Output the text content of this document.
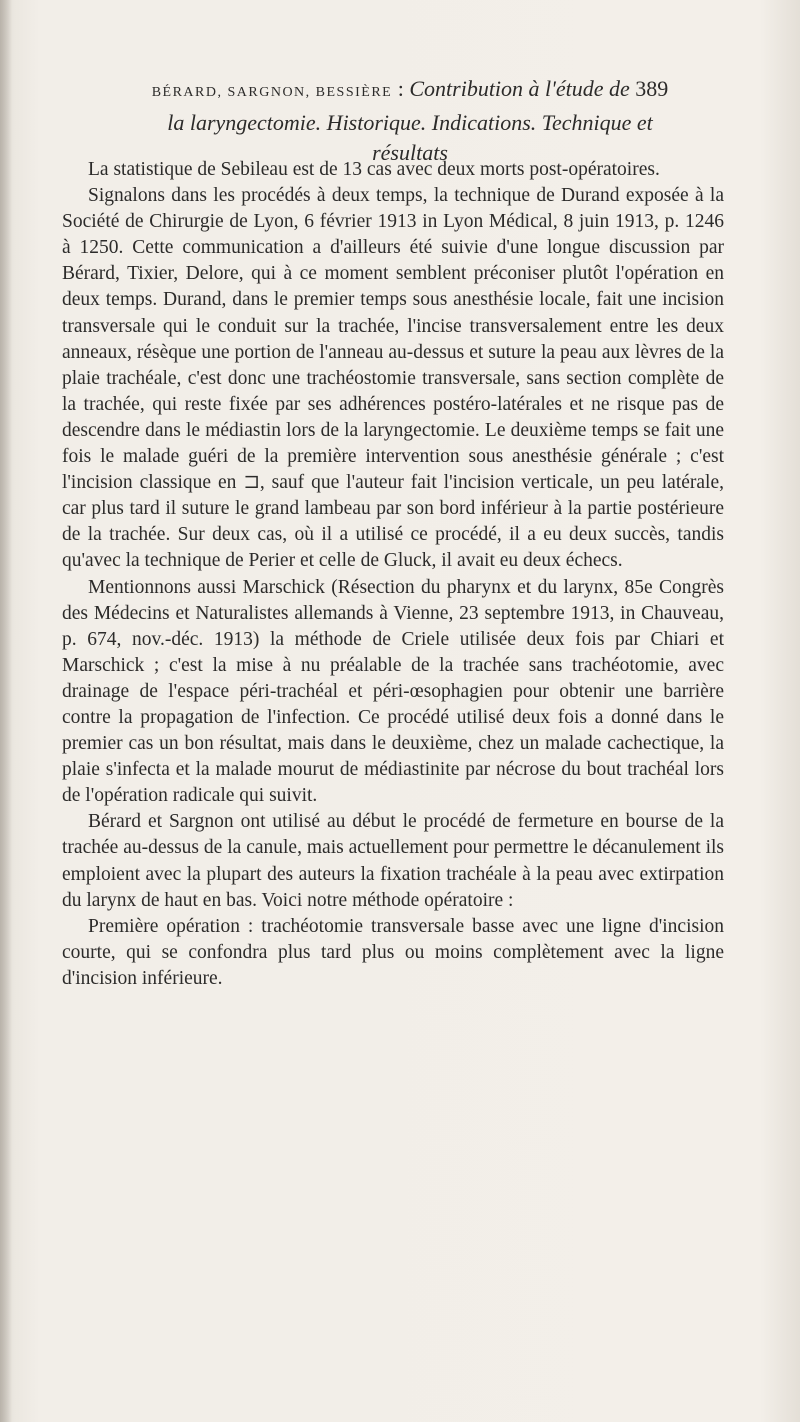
BÉRARD, SARGNON, BESSIÈRE : Contribution à l'étude de 389
la laryngectomie. Historique. Indications. Technique et
résultats

La statistique de Sebileau est de 13 cas avec deux morts post-opératoires.

Signalons dans les procédés à deux temps, la technique de Durand exposée à la Société de Chirurgie de Lyon, 6 février 1913 in Lyon Médical, 8 juin 1913, p. 1246 à 1250. Cette communication a d'ailleurs été suivie d'une longue discussion par Bérard, Tixier, Delore, qui à ce moment semblent préconiser plutôt l'opération en deux temps. Durand, dans le premier temps sous anesthésie locale, fait une incision transversale qui le conduit sur la trachée, l'incise transversalement entre les deux anneaux, résèque une portion de l'anneau au-dessus et suture la peau aux lèvres de la plaie trachéale, c'est donc une trachéostomie transversale, sans section complète de la trachée, qui reste fixée par ses adhérences postéro-latérales et ne risque pas de descendre dans le médiastin lors de la laryngectomie. Le deuxième temps se fait une fois le malade guéri de la première intervention sous anesthésie générale ; c'est l'incision classique en ⊐, sauf que l'auteur fait l'incision verticale, un peu latérale, car plus tard il suture le grand lambeau par son bord inférieur à la partie postérieure de la trachée. Sur deux cas, où il a utilisé ce procédé, il a eu deux succès, tandis qu'avec la technique de Perier et celle de Gluck, il avait eu deux échecs.

Mentionnons aussi Marschick (Résection du pharynx et du larynx, 85e Congrès des Médecins et Naturalistes allemands à Vienne, 23 septembre 1913, in Chauveau, p. 674, nov.-déc. 1913) la méthode de Criele utilisée deux fois par Chiari et Marschick ; c'est la mise à nu préalable de la trachée sans trachéotomie, avec drainage de l'espace péri-trachéal et péri-œsophagien pour obtenir une barrière contre la propagation de l'infection. Ce procédé utilisé deux fois a donné dans le premier cas un bon résultat, mais dans le deuxième, chez un malade cachectique, la plaie s'infecta et la malade mourut de médiastinite par nécrose du bout trachéal lors de l'opération radicale qui suivit.

Bérard et Sargnon ont utilisé au début le procédé de fermeture en bourse de la trachée au-dessus de la canule, mais actuellement pour permettre le décanulement ils emploient avec la plupart des auteurs la fixation trachéale à la peau avec extirpation du larynx de haut en bas. Voici notre méthode opératoire :

Première opération : trachéotomie transversale basse avec une ligne d'incision courte, qui se confondra plus tard plus ou moins complètement avec la ligne d'incision inférieure.
